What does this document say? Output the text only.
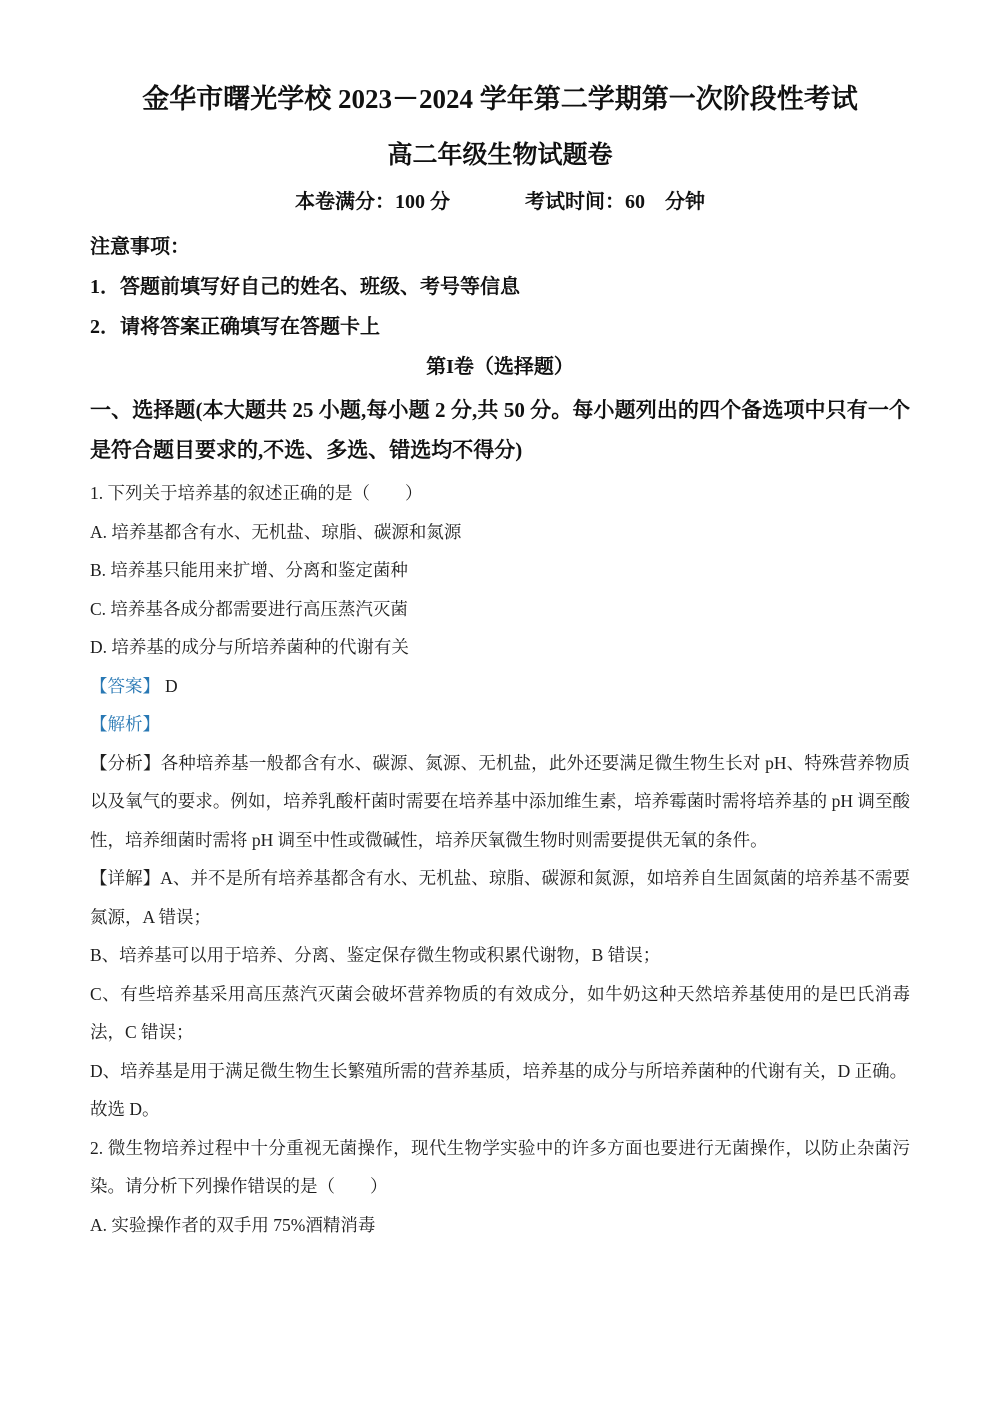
金华市曙光学校 2023－2024 学年第二学期第一次阶段性考试
高二年级生物试题卷
本卷满分：100 分	考试时间：60　分钟
注意事项：
1．答题前填写好自己的姓名、班级、考号等信息
2．请将答案正确填写在答题卡上
第I卷（选择题）

一、选择题(本大题共 25 小题,每小题 2 分,共 50 分。每小题列出的四个备选项中只有一个是符合题目要求的,不选、多选、错选均不得分)

1. 下列关于培养基的叙述正确的是（　　）

A. 培养基都含有水、无机盐、琼脂、碳源和氮源

B. 培养基只能用来扩增、分离和鉴定菌种

C. 培养基各成分都需要进行高压蒸汽灭菌

D. 培养基的成分与所培养菌种的代谢有关

【答案】 D

【解析】

【分析】各种培养基一般都含有水、碳源、氮源、无机盐，此外还要满足微生物生长对 pH、特殊营养物质以及氧气的要求。例如，培养乳酸杆菌时需要在培养基中添加维生素，培养霉菌时需将培养基的 pH 调至酸性，培养细菌时需将 pH 调至中性或微碱性，培养厌氧微生物时则需要提供无氧的条件。

【详解】A、并不是所有培养基都含有水、无机盐、琼脂、碳源和氮源，如培养自生固氮菌的培养基不需要氮源，A 错误；

B、培养基可以用于培养、分离、鉴定保存微生物或积累代谢物，B 错误；

C、有些培养基采用高压蒸汽灭菌会破坏营养物质的有效成分，如牛奶这种天然培养基使用的是巴氏消毒法，C 错误；

D、培养基是用于满足微生物生长繁殖所需的营养基质，培养基的成分与所培养菌种的代谢有关，D 正确。

故选 D。

2. 微生物培养过程中十分重视无菌操作，现代生物学实验中的许多方面也要进行无菌操作，以防止杂菌污染。请分析下列操作错误的是（　　）

A. 实验操作者的双手用 75%酒精消毒
